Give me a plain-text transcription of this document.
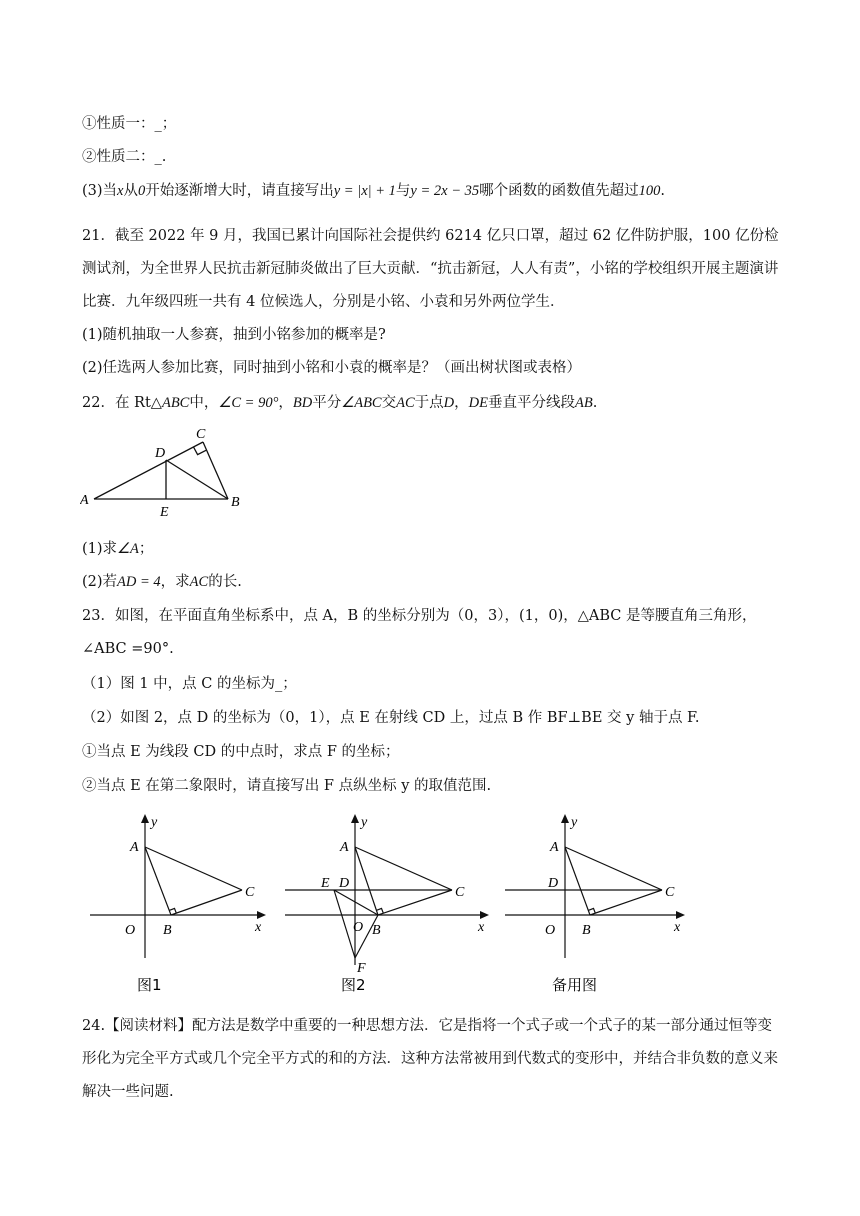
①性质一：_；
②性质二：_.
(3)当x从0开始逐渐增大时，请直接写出y = |x| + 1与y = 2x − 35哪个函数的函数值先超过100.
21．截至 2022 年 9 月，我国已累计向国际社会提供约 6214 亿只口罩，超过 62 亿件防护服，100 亿份检测试剂，为全世界人民抗击新冠肺炎做出了巨大贡献．“抗击新冠，人人有责”，小铭的学校组织开展主题演讲比赛．九年级四班一共有 4 位候选人，分别是小铭、小袁和另外两位学生．
(1)随机抽取一人参赛，抽到小铭参加的概率是?
(2)任选两人参加比赛，同时抽到小铭和小袁的概率是？（画出树状图或表格）
22．在 Rt△ABC中，∠C = 90°，BD平分∠ABC交AC于点D，DE垂直平分线段AB.
A	B
C
D
E
(1)求∠A；
(2)若AD = 4，求AC的长.
23．如图，在平面直角坐标系中，点 A，B 的坐标分别为（0，3），(1，0)，△ABC 是等腰直角三角形，∠ABC =90°.
（1）图 1 中，点 C 的坐标为_；
（2）如图 2，点 D 的坐标为（0，1），点 E 在射线 CD 上，过点 B 作 BF⊥BE 交 y 轴于点 F.
①当点 E 为线段 CD 的中点时，求点 F 的坐标；
②当点 E 在第二象限时，请直接写出 F 点纵坐标 y 的取值范围.
y
x
A
B
C
O
图1
y
x
A
B
C
O
D
E
F
图2
y
x
A
B
C
O
D
备用图
24.【阅读材料】配方法是数学中重要的一种思想方法．它是指将一个式子或一个式子的某一部分通过恒等变形化为完全平方式或几个完全平方式的和的方法．这种方法常被用到代数式的变形中，并结合非负数的意义来解决一些问题.
